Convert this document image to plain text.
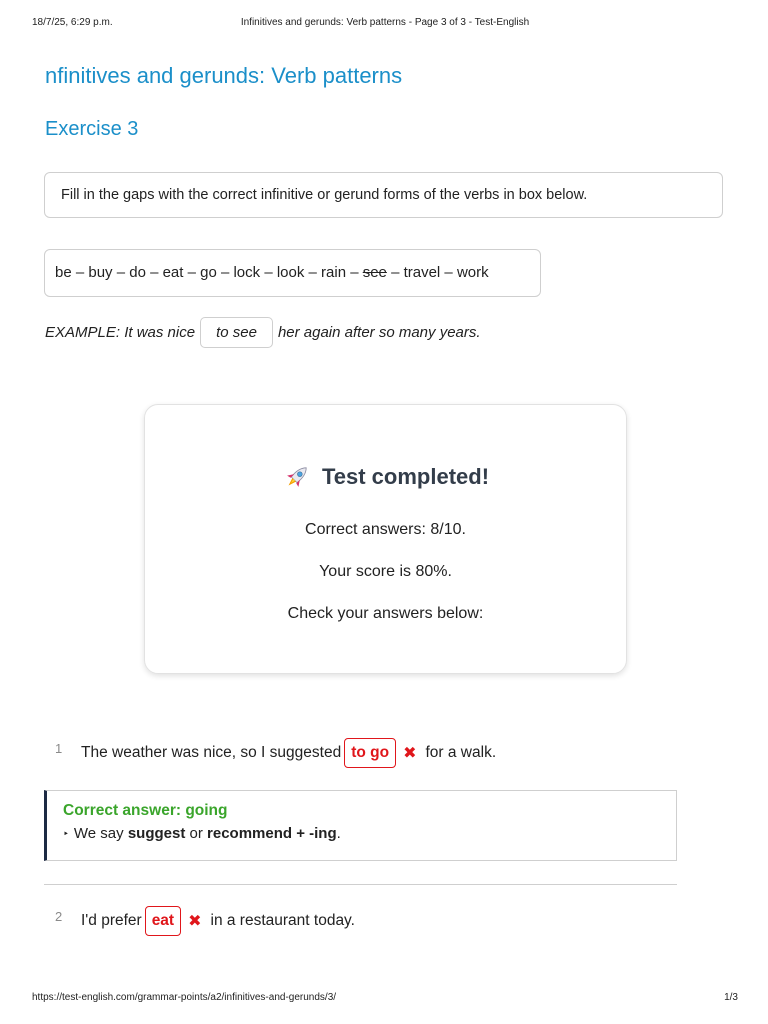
18/7/25, 6:29 p.m.	Infinitives and gerunds: Verb patterns - Page 3 of 3 - Test-English
nfinitives and gerunds: Verb patterns
Exercise 3
Fill in the gaps with the correct infinitive or gerund forms of the verbs in box below.
be – buy – do – eat – go – lock – look – rain – see – travel – work
EXAMPLE: It was nice	to see	her again after so many years.
Test completed!
Correct answers: 8/10.
Your score is 80%.
Check your answers below:
1	The weather was nice, so I suggested to go ✖ for a walk.
Correct answer: going
‣ We say suggest or recommend + -ing.
2	I'd prefer eat ✖ in a restaurant today.
https://test-english.com/grammar-points/a2/infinitives-and-gerunds/3/	1/3
